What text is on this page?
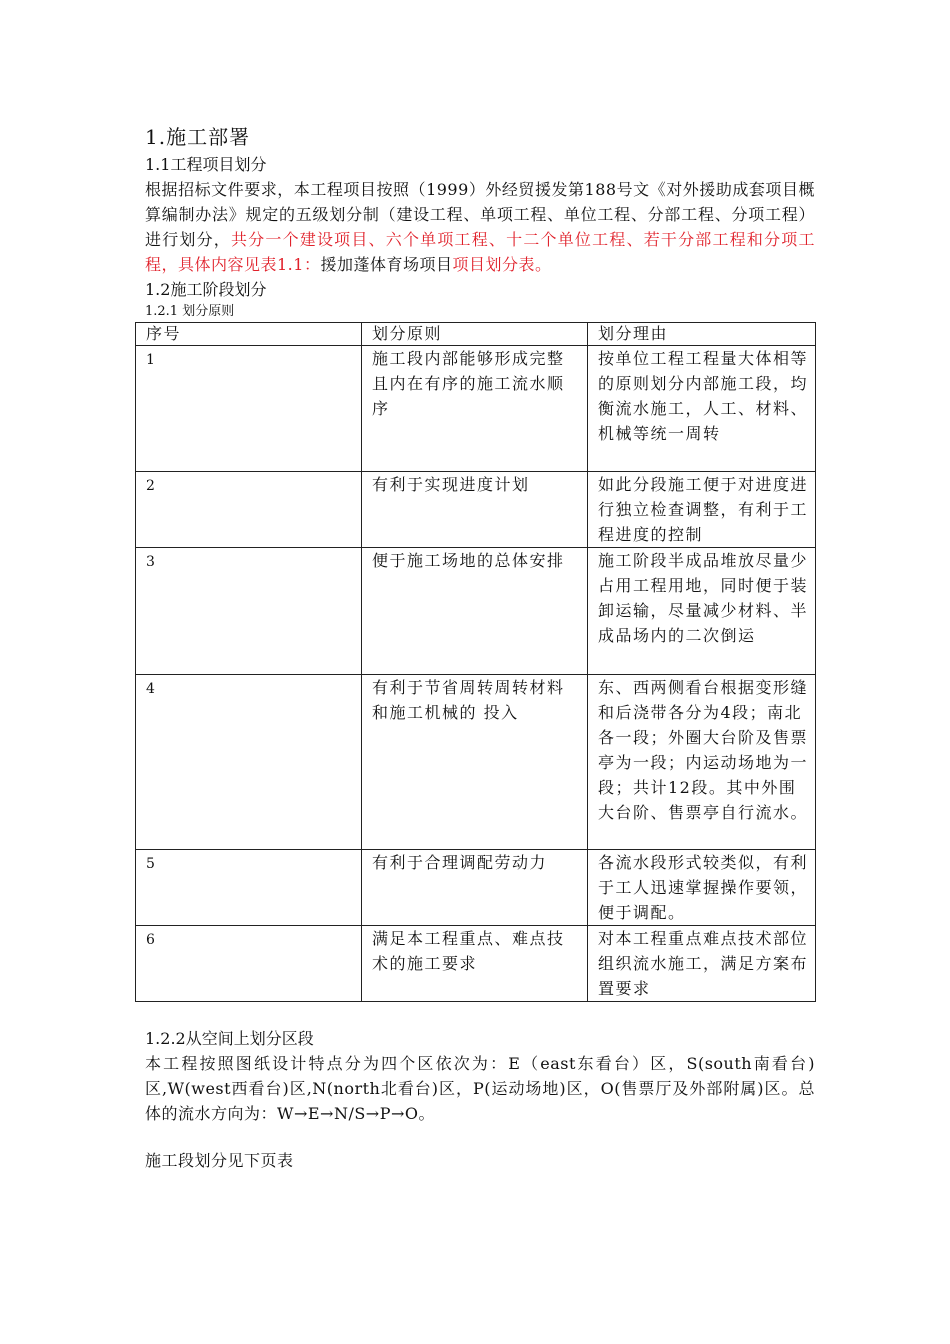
1.施工部署
1.1工程项目划分
根据招标文件要求，本工程项目按照（1999）外经贸援发第188号文《对外援助成套项目概算编制办法》规定的五级划分制（建设工程、单项工程、单位工程、分部工程、分项工程）进行划分，共分一个建设项目、六个单项工程、十二个单位工程、若干分部工程和分项工程，具体内容见表1.1：援加蓬体育场项目项目划分表。
1.2施工阶段划分
1.2.1 划分原则
序号	划分原则	划分理由
1	施工段内部能够形成完整且内在有序的施工流水顺序	按单位工程工程量大体相等的原则划分内部施工段，均衡流水施工，人工、材料、机械等统一周转
2	有利于实现进度计划	如此分段施工便于对进度进行独立检查调整，有利于工程进度的控制
3	便于施工场地的总体安排	施工阶段半成品堆放尽量少占用工程用地，同时便于装卸运输，尽量减少材料、半成品场内的二次倒运
4	有利于节省周转周转材料和施工机械的 投入	东、西两侧看台根据变形缝和后浇带各分为4段；南北各一段；外圈大台阶及售票亭为一段；内运动场地为一段；共计12段。其中外围大台阶、售票亭自行流水。
5	有利于合理调配劳动力	各流水段形式较类似，有利于工人迅速掌握操作要领，便于调配。
6	满足本工程重点、难点技术的施工要求	对本工程重点难点技术部位组织流水施工，满足方案布置要求
1.2.2从空间上划分区段
本工程按照图纸设计特点分为四个区依次为：E（east东看台）区，S(south南看台)区,W(west西看台)区,N(north北看台)区，P(运动场地)区，O(售票厅及外部附属)区。总体的流水方向为：W→E→N/S→P→O。
施工段划分见下页表
